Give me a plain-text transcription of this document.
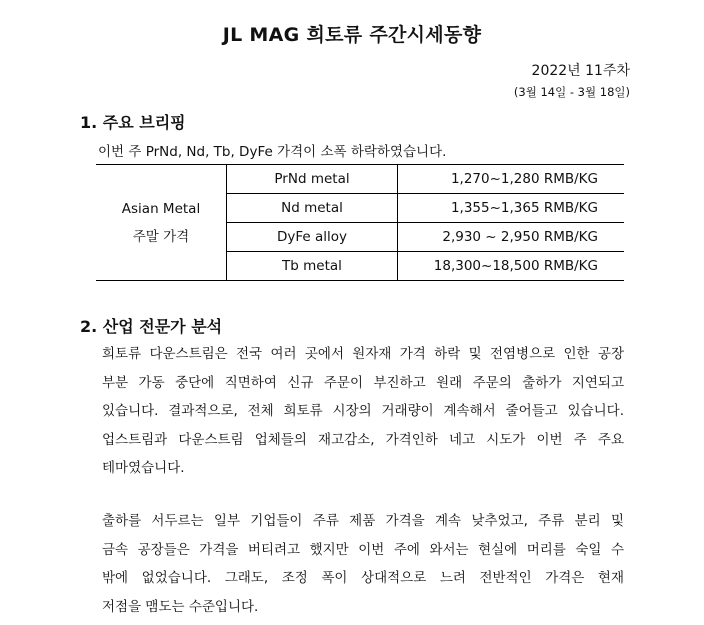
JL MAG 희토류 주간시세동향
2022년 11주차
(3월 14일 - 3월 18일)
1. 주요 브리핑
이번 주 PrNd, Nd, Tb, DyFe 가격이 소폭 하락하였습니다.
Asian Metal
주말 가격	PrNd metal	1,270~1,280 RMB/KG
	Nd metal	1,355~1,365 RMB/KG
	DyFe alloy	2,930 ~ 2,950 RMB/KG
	Tb metal	18,300~18,500 RMB/KG
2. 산업 전문가 분석
희토류 다운스트림은 전국 여러 곳에서 원자재 가격 하락 및 전염병으로 인한 공장
부분 가동 중단에 직면하여 신규 주문이 부진하고 원래 주문의 출하가 지연되고
있습니다. 결과적으로, 전체 희토류 시장의 거래량이 계속해서 줄어들고 있습니다.
업스트림과 다운스트림 업체들의 재고감소, 가격인하 네고 시도가 이번 주 주요
테마였습니다.
출하를 서두르는 일부 기업들이 주류 제품 가격을 계속 낮추었고, 주류 분리 및
금속 공장들은 가격을 버티려고 했지만 이번 주에 와서는 현실에 머리를 숙일 수
밖에 없었습니다. 그래도, 조정 폭이 상대적으로 느려 전반적인 가격은 현재
저점을 맴도는 수준입니다.
